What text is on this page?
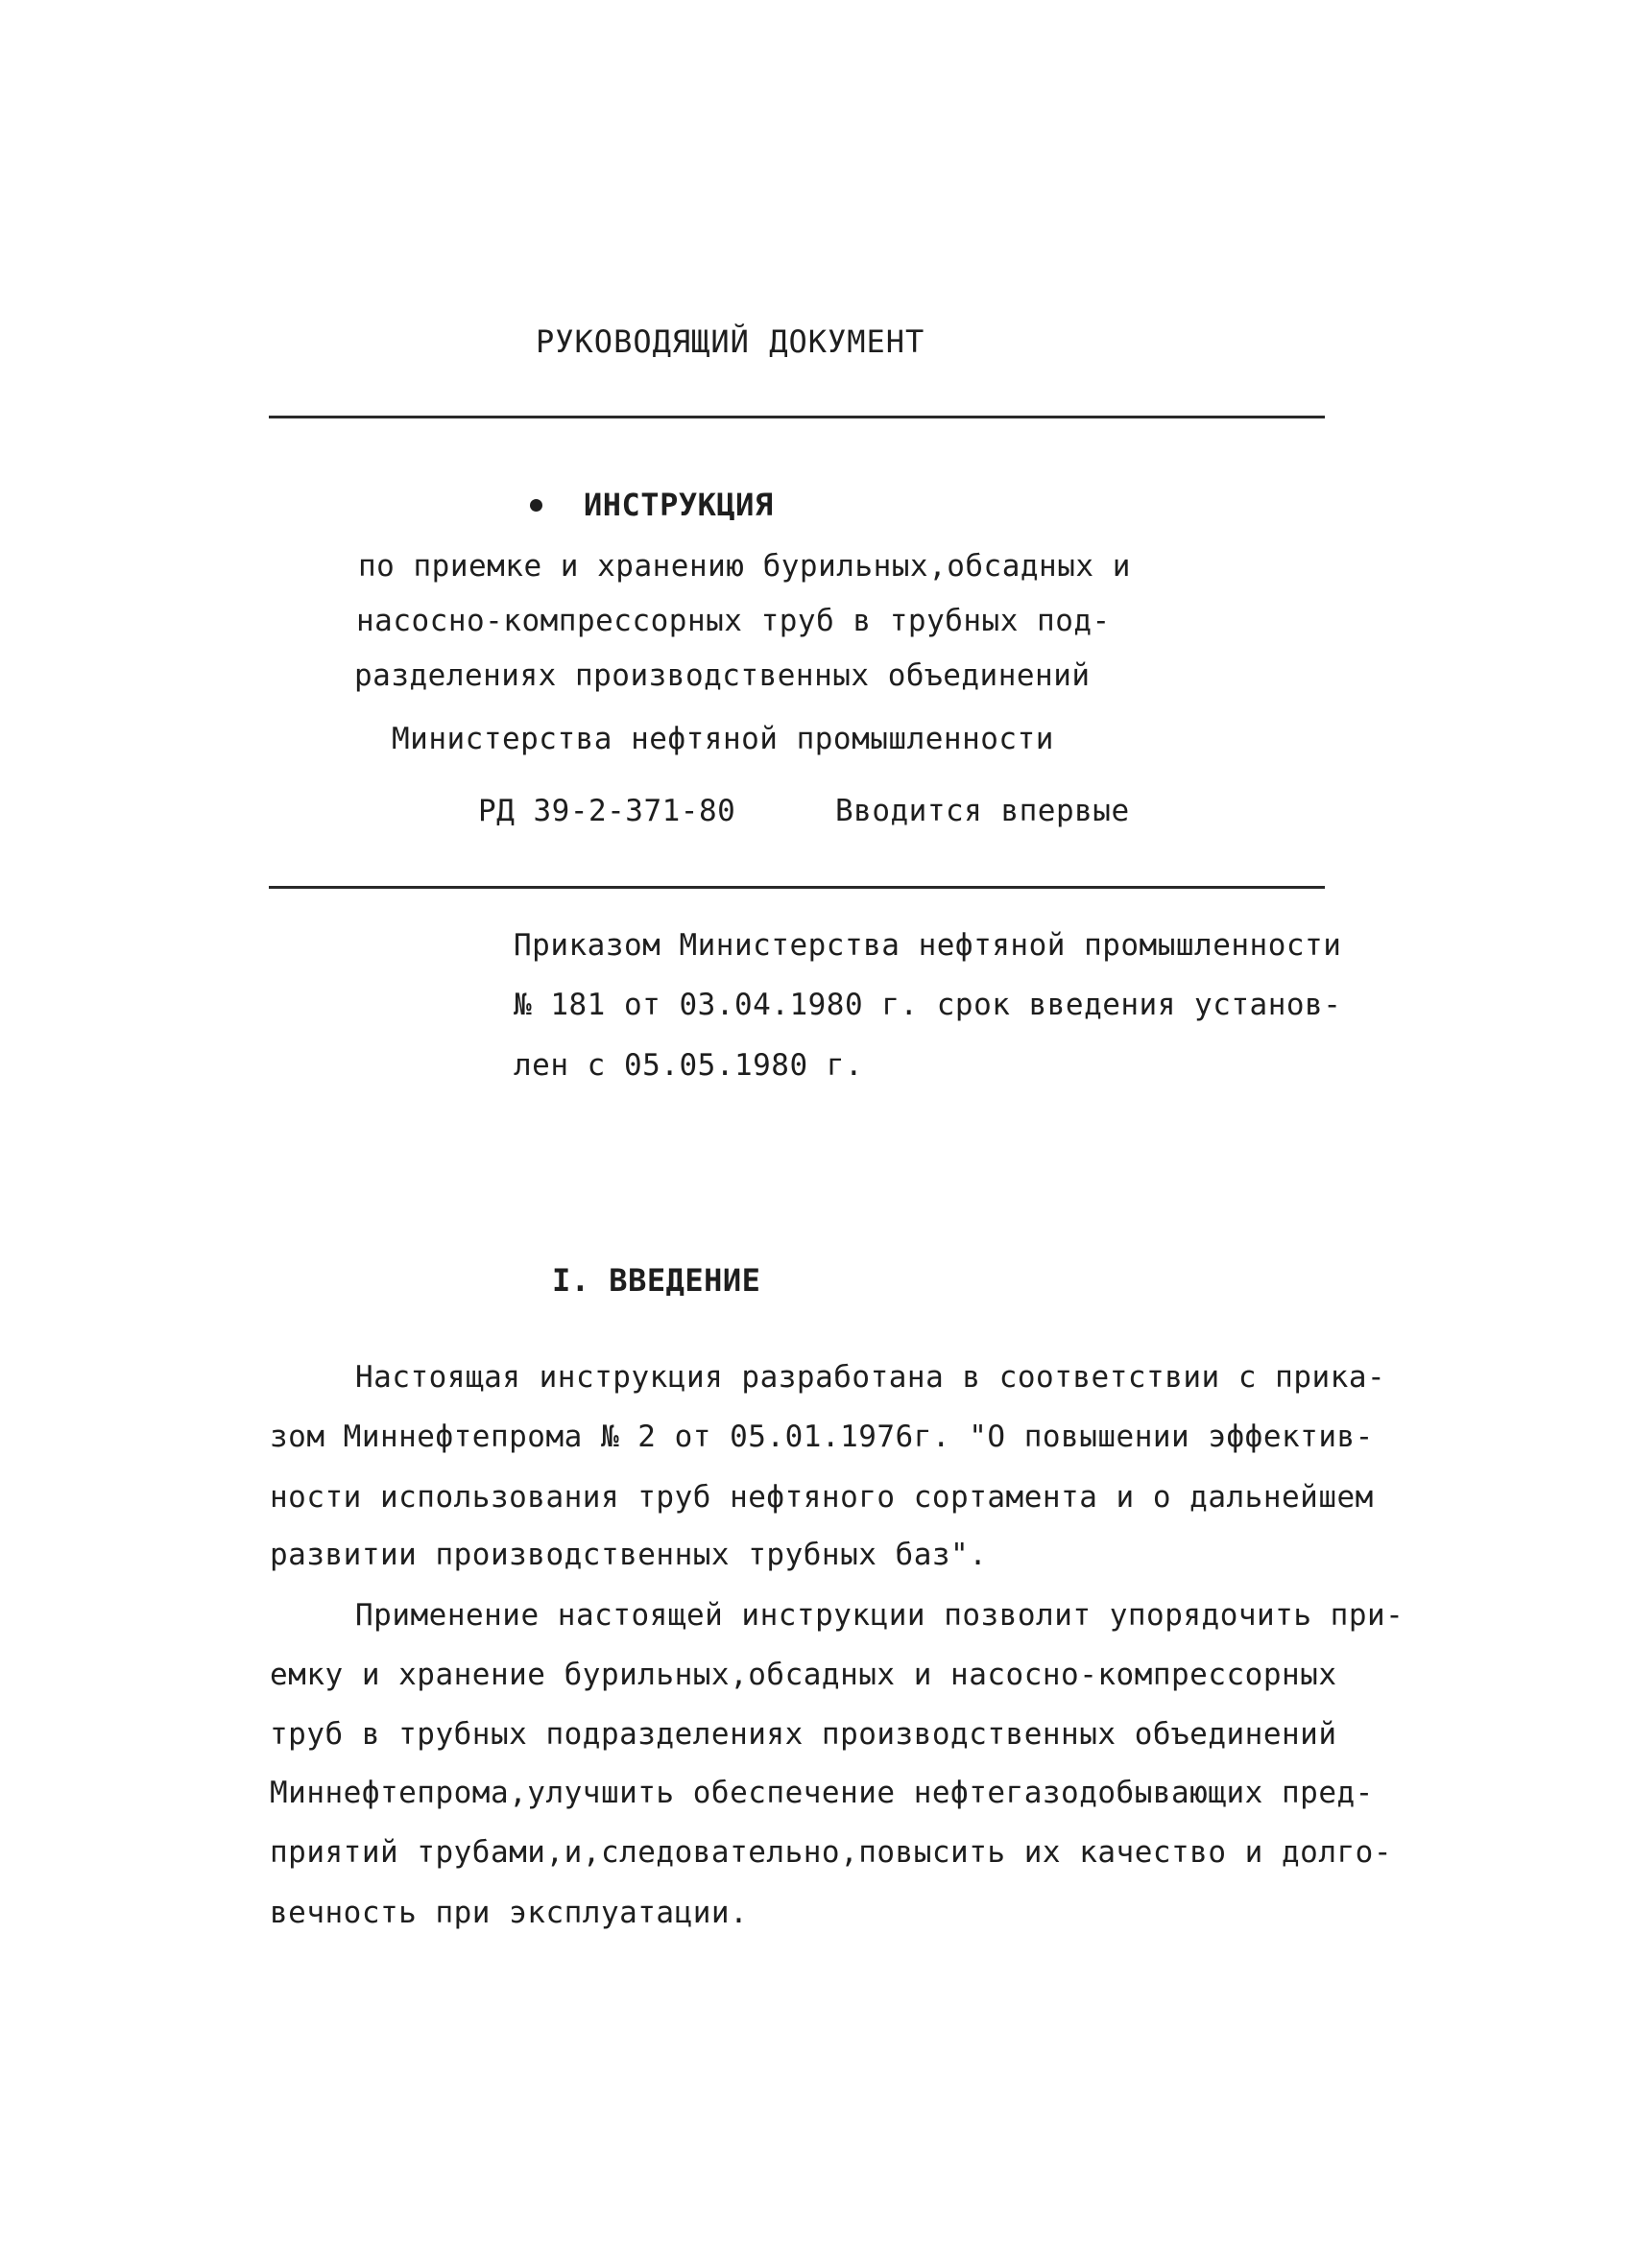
РУКОВОДЯЩИЙ ДОКУМЕНТ
ИНСТРУКЦИЯ
по приемке и хранению бурильных,обсадных и
насосно-компрессорных труб в трубных под-
разделениях производственных объединений
Министерства нефтяной промышленности
РД 39-2-371-80	Вводится впервые
Приказом Министерства нефтяной промышленности
№ 181 от 03.04.1980 г. срок введения установ-
лен с 05.05.1980 г.
I. ВВЕДЕНИЕ
Настоящая инструкция разработана в соответствии с прика-
зом Миннефтепрома № 2 от 05.01.1976г. "О повышении эффектив-
ности использования труб нефтяного сортамента и о дальнейшем
развитии производственных трубных баз".
Применение настоящей инструкции позволит упорядочить при-
емку и хранение бурильных,обсадных и насосно-компрессорных
труб в трубных подразделениях производственных объединений
Миннефтепрома,улучшить обеспечение нефтегазодобывающих пред-
приятий трубами,и,следовательно,повысить их качество и долго-
вечность при эксплуатации.
